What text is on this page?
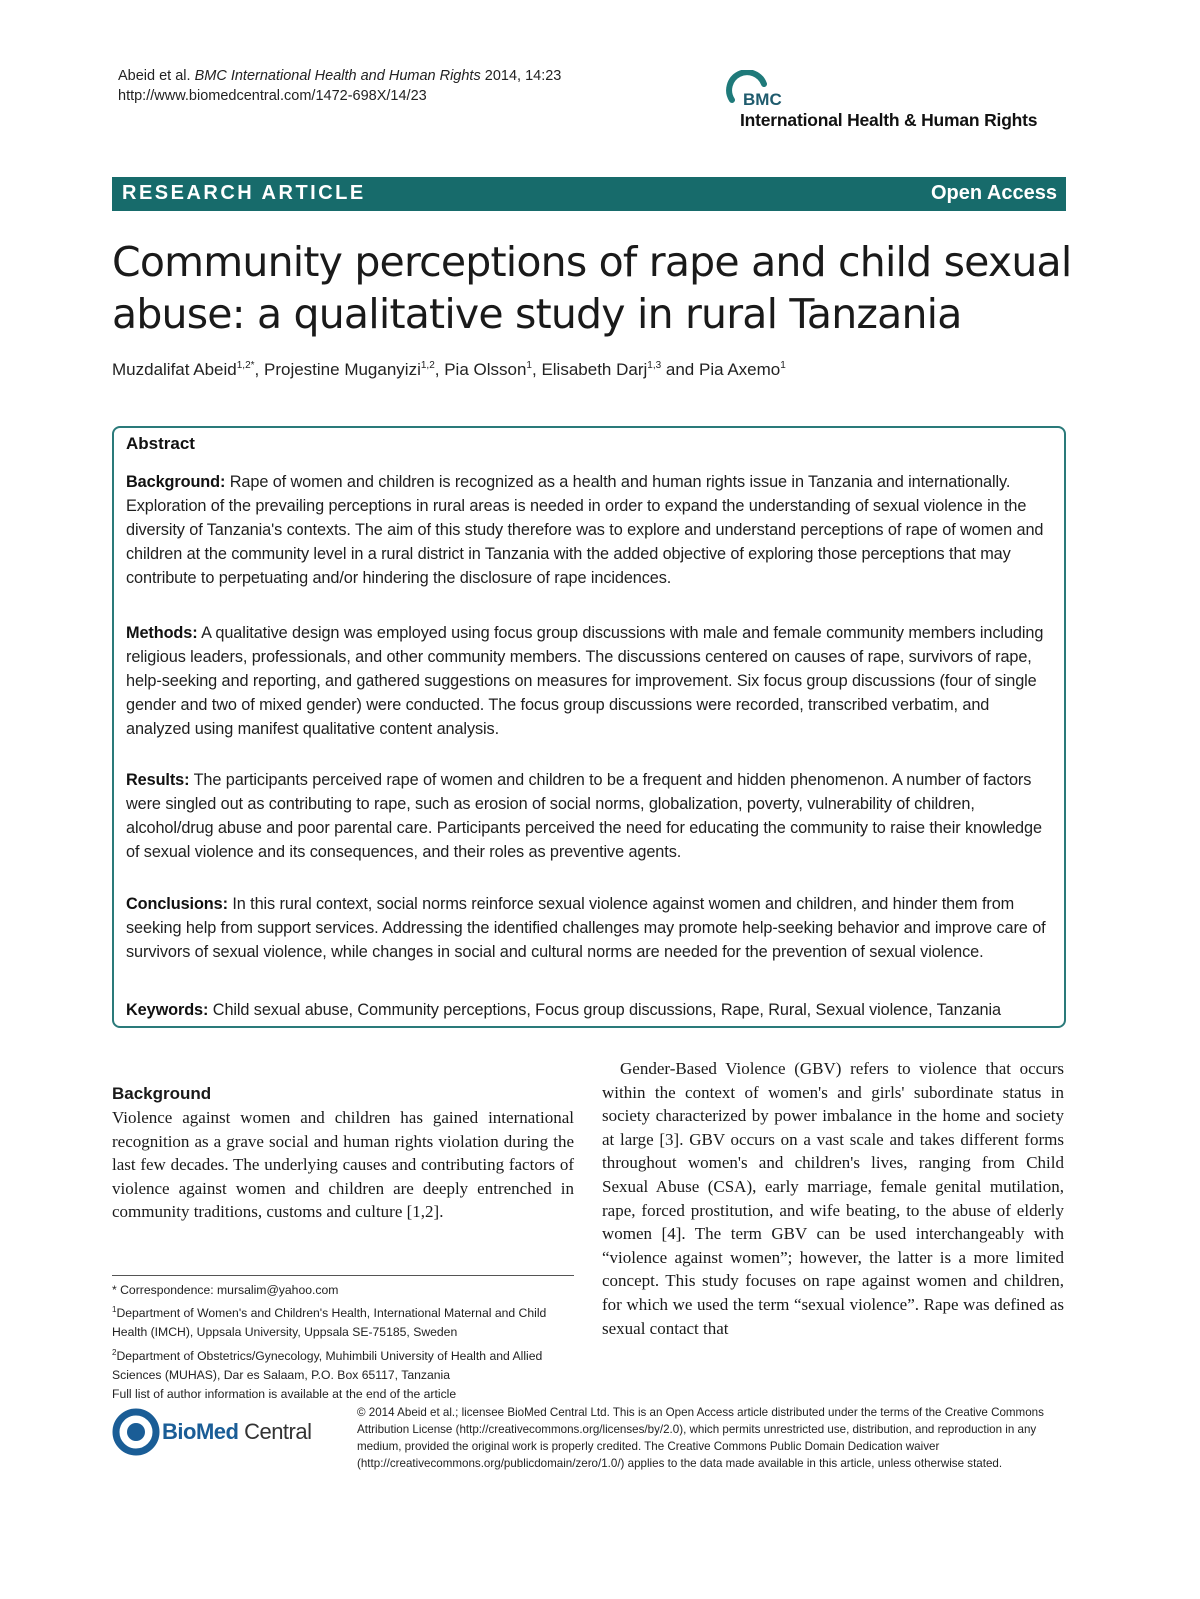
Abeid et al. BMC International Health and Human Rights 2014, 14:23
http://www.biomedcentral.com/1472-698X/14/23	BMC
International Health & Human Rights
RESEARCH ARTICLE	Open Access
Community perceptions of rape and child sexual
abuse: a qualitative study in rural Tanzania
Muzdalifat Abeid$^{1,2*}$, Projestine Muganyizi$^{1,2}$, Pia Olsson$^1$, Elisabeth Darj$^{1,3}$ and Pia Axemo$^1$
Abstract
Background: Rape of women and children is recognized as a health and human rights issue in Tanzania and internationally. Exploration of the prevailing perceptions in rural areas is needed in order to expand the understanding of sexual violence in the diversity of Tanzania's contexts. The aim of this study therefore was to explore and understand perceptions of rape of women and children at the community level in a rural district in Tanzania with the added objective of exploring those perceptions that may contribute to perpetuating and/or hindering the disclosure of rape incidences.
Methods: A qualitative design was employed using focus group discussions with male and female community members including religious leaders, professionals, and other community members. The discussions centered on causes of rape, survivors of rape, help-seeking and reporting, and gathered suggestions on measures for improvement. Six focus group discussions (four of single gender and two of mixed gender) were conducted. The focus group discussions were recorded, transcribed verbatim, and analyzed using manifest qualitative content analysis.
Results: The participants perceived rape of women and children to be a frequent and hidden phenomenon. A number of factors were singled out as contributing to rape, such as erosion of social norms, globalization, poverty, vulnerability of children, alcohol/drug abuse and poor parental care. Participants perceived the need for educating the community to raise their knowledge of sexual violence and its consequences, and their roles as preventive agents.
Conclusions: In this rural context, social norms reinforce sexual violence against women and children, and hinder them from seeking help from support services. Addressing the identified challenges may promote help-seeking behavior and improve care of survivors of sexual violence, while changes in social and cultural norms are needed for the prevention of sexual violence.
Keywords: Child sexual abuse, Community perceptions, Focus group discussions, Rape, Rural, Sexual violence, Tanzania
Background
Violence against women and children has gained international recognition as a grave social and human rights violation during the last few decades. The underlying causes and contributing factors of violence against women and children are deeply entrenched in community traditions, customs and culture [1,2].
Gender-Based Violence (GBV) refers to violence that occurs within the context of women's and girls' subordinate status in society characterized by power imbalance in the home and society at large [3]. GBV occurs on a vast scale and takes different forms throughout women's and children's lives, ranging from Child Sexual Abuse (CSA), early marriage, female genital mutilation, rape, forced prostitution, and wife beating, to the abuse of elderly women [4]. The term GBV can be used interchangeably with “violence against women”; however, the latter is a more limited concept. This study focuses on rape against women and children, for which we used the term “sexual violence”. Rape was defined as sexual contact that
* Correspondence: mursalim@yahoo.com
$^1$Department of Women's and Children's Health, International Maternal and Child Health (IMCH), Uppsala University, Uppsala SE-75185, Sweden
$^2$Department of Obstetrics/Gynecology, Muhimbili University of Health and Allied Sciences (MUHAS), Dar es Salaam, P.O. Box 65117, Tanzania
Full list of author information is available at the end of the article
BioMed Central
© 2014 Abeid et al.; licensee BioMed Central Ltd. This is an Open Access article distributed under the terms of the Creative Commons Attribution License (http://creativecommons.org/licenses/by/2.0), which permits unrestricted use, distribution, and reproduction in any medium, provided the original work is properly credited. The Creative Commons Public Domain Dedication waiver (http://creativecommons.org/publicdomain/zero/1.0/) applies to the data made available in this article, unless otherwise stated.
